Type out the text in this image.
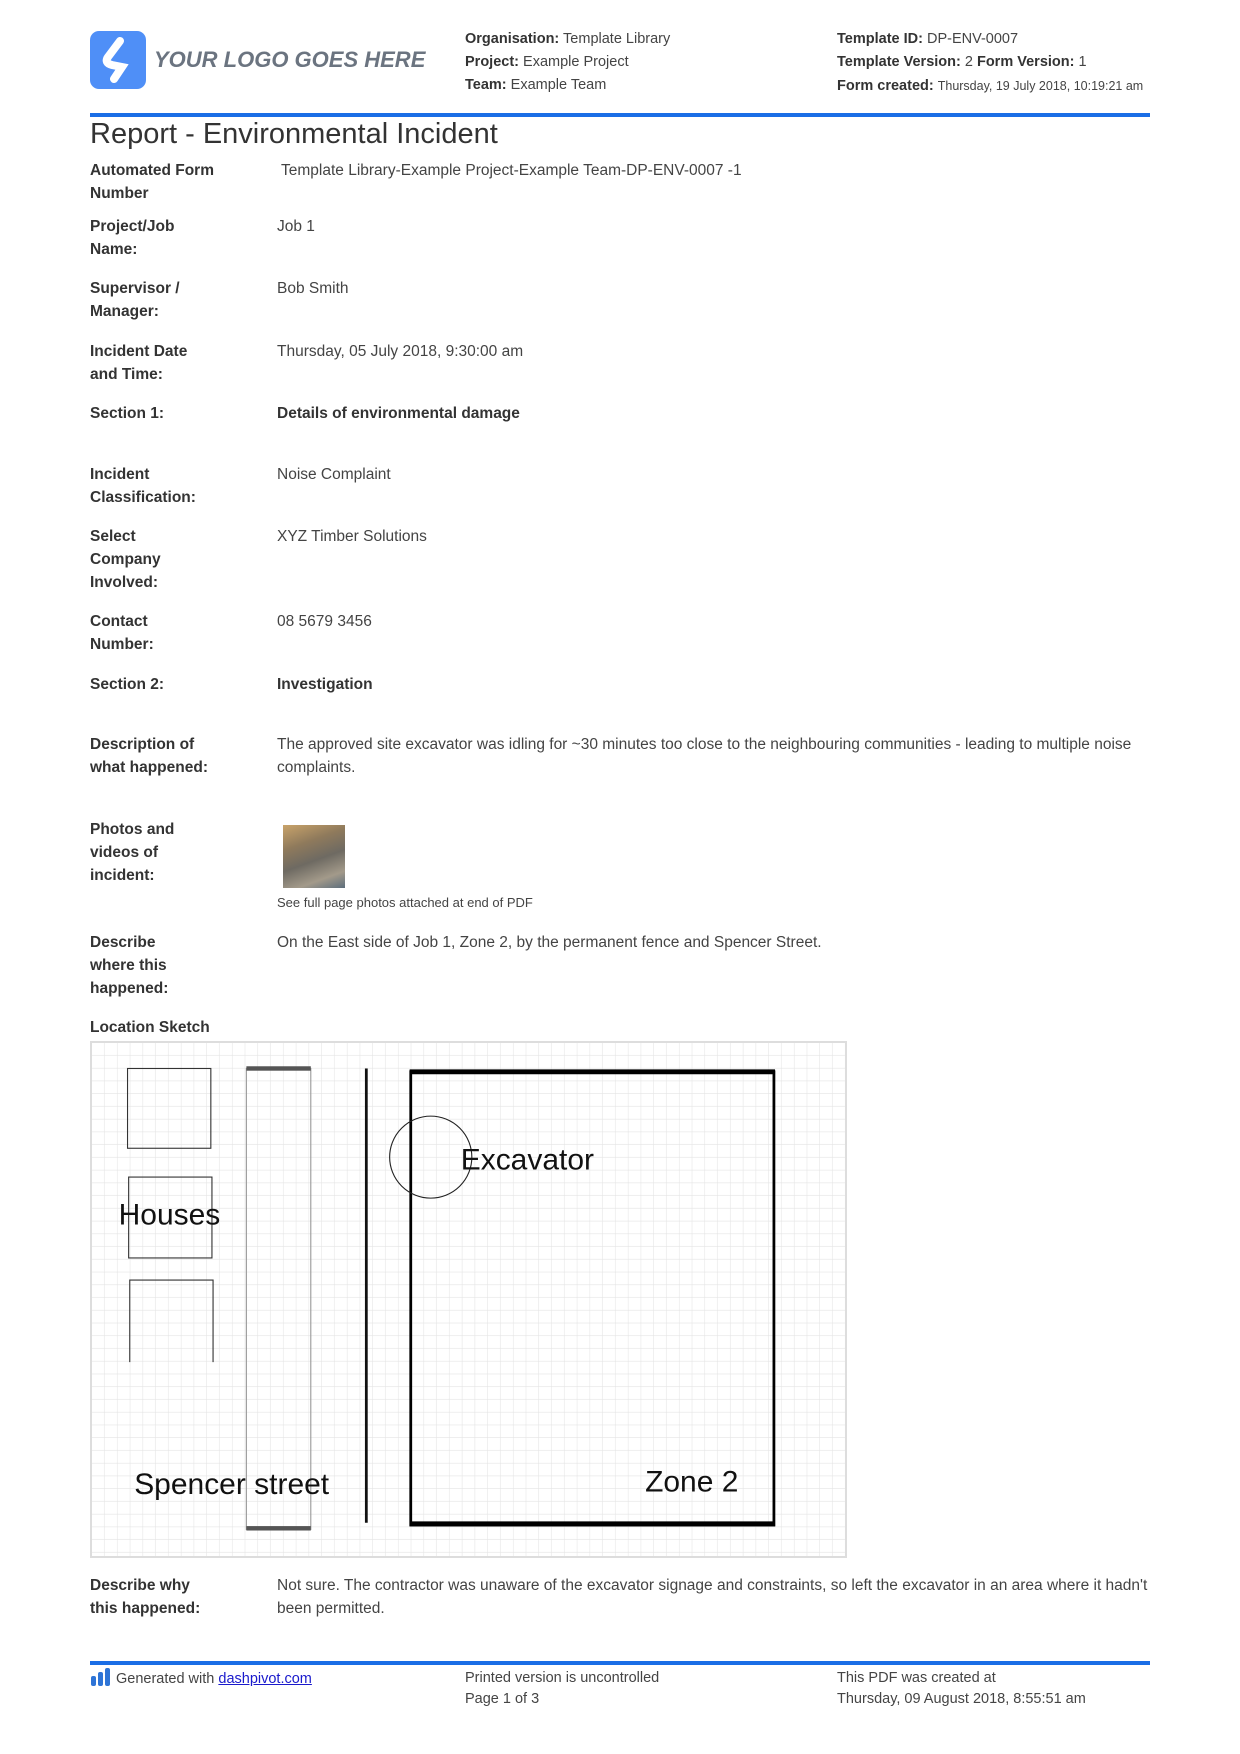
YOUR LOGO GOES HERE
Organisation: Template Library
Project: Example Project
Team: Example Team
Template ID: DP-ENV-0007
Template Version: 2 Form Version: 1
Form created: Thursday, 19 July 2018, 10:19:21 am
Report - Environmental Incident
Automated Form Number
Template Library-Example Project-Example Team-DP-ENV-0007 -1
Project/Job Name:
Job 1
Supervisor / Manager:
Bob Smith
Incident Date and Time:
Thursday, 05 July 2018, 9:30:00 am
Section 1:	Details of environmental damage
Incident Classification:
Noise Complaint
Select Company Involved:
XYZ Timber Solutions
Contact Number:
08 5679 3456
Section 2:	Investigation
Description of what happened:
The approved site excavator was idling for ~30 minutes too close to the neighbouring communities - leading to multiple noise complaints.
Photos and videos of incident:
See full page photos attached at end of PDF
Describe where this happened:
On the East side of Job 1, Zone 2, by the permanent fence and Spencer Street.
Location Sketch
Excavator
Houses
Spencer street	Zone 2
Describe why this happened:
Not sure. The contractor was unaware of the excavator signage and constraints, so left the excavator in an area where it hadn't been permitted.
Generated with dashpivot.com	Printed version is uncontrolled
Page 1 of 3
This PDF was created at
Thursday, 09 August 2018, 8:55:51 am
